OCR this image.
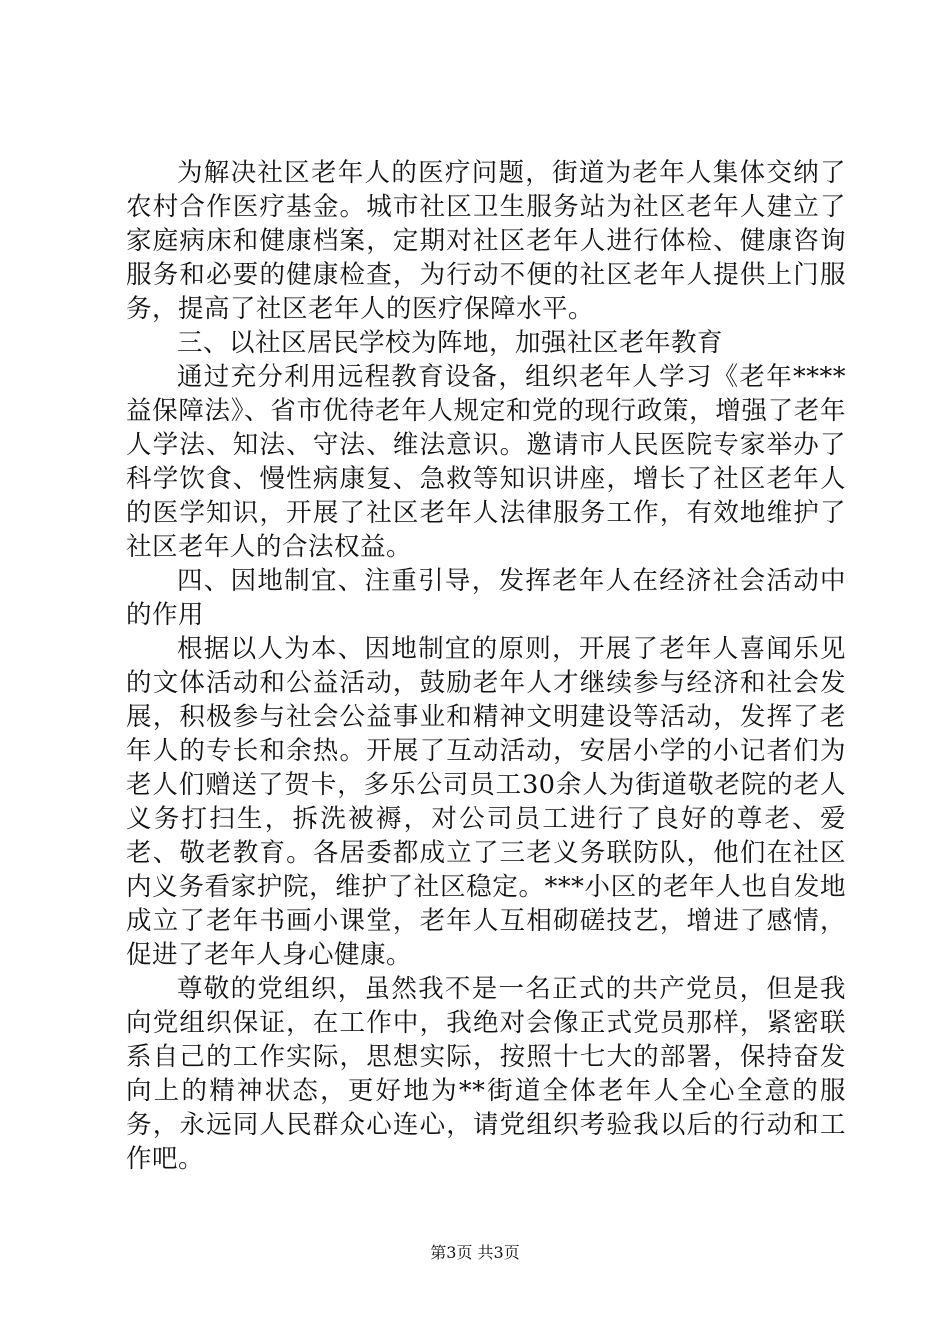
为解决社区老年人的医疗问题，街道为老年人集体交纳了农村合作医疗基金。城市社区卫生服务站为社区老年人建立了家庭病床和健康档案，定期对社区老年人进行体检、健康咨询服务和必要的健康检查，为行动不便的社区老年人提供上门服务，提高了社区老年人的医疗保障水平。

三、以社区居民学校为阵地，加强社区老年教育

通过充分利用远程教育设备，组织老年人学习《老年****益保障法》、省市优待老年人规定和党的现行政策，增强了老年人学法、知法、守法、维法意识。邀请市人民医院专家举办了科学饮食、慢性病康复、急救等知识讲座，增长了社区老年人的医学知识，开展了社区老年人法律服务工作，有效地维护了社区老年人的合法权益。

四、因地制宜、注重引导，发挥老年人在经济社会活动中的作用

根据以人为本、因地制宜的原则，开展了老年人喜闻乐见的文体活动和公益活动，鼓励老年人才继续参与经济和社会发展，积极参与社会公益事业和精神文明建设等活动，发挥了老年人的专长和余热。开展了互动活动，安居小学的小记者们为老人们赠送了贺卡，多乐公司员工30余人为街道敬老院的老人义务打扫生，拆洗被褥，对公司员工进行了良好的尊老、爱老、敬老教育。各居委都成立了三老义务联防队，他们在社区内义务看家护院，维护了社区稳定。***小区的老年人也自发地成立了老年书画小课堂，老年人互相砌磋技艺，增进了感情，促进了老年人身心健康。

尊敬的党组织，虽然我不是一名正式的共产党员，但是我向党组织保证，在工作中，我绝对会像正式党员那样，紧密联系自己的工作实际，思想实际，按照十七大的部署，保持奋发向上的精神状态，更好地为**街道全体老年人全心全意的服务，永远同人民群众心连心，请党组织考验我以后的行动和工作吧。

第3页 共3页
